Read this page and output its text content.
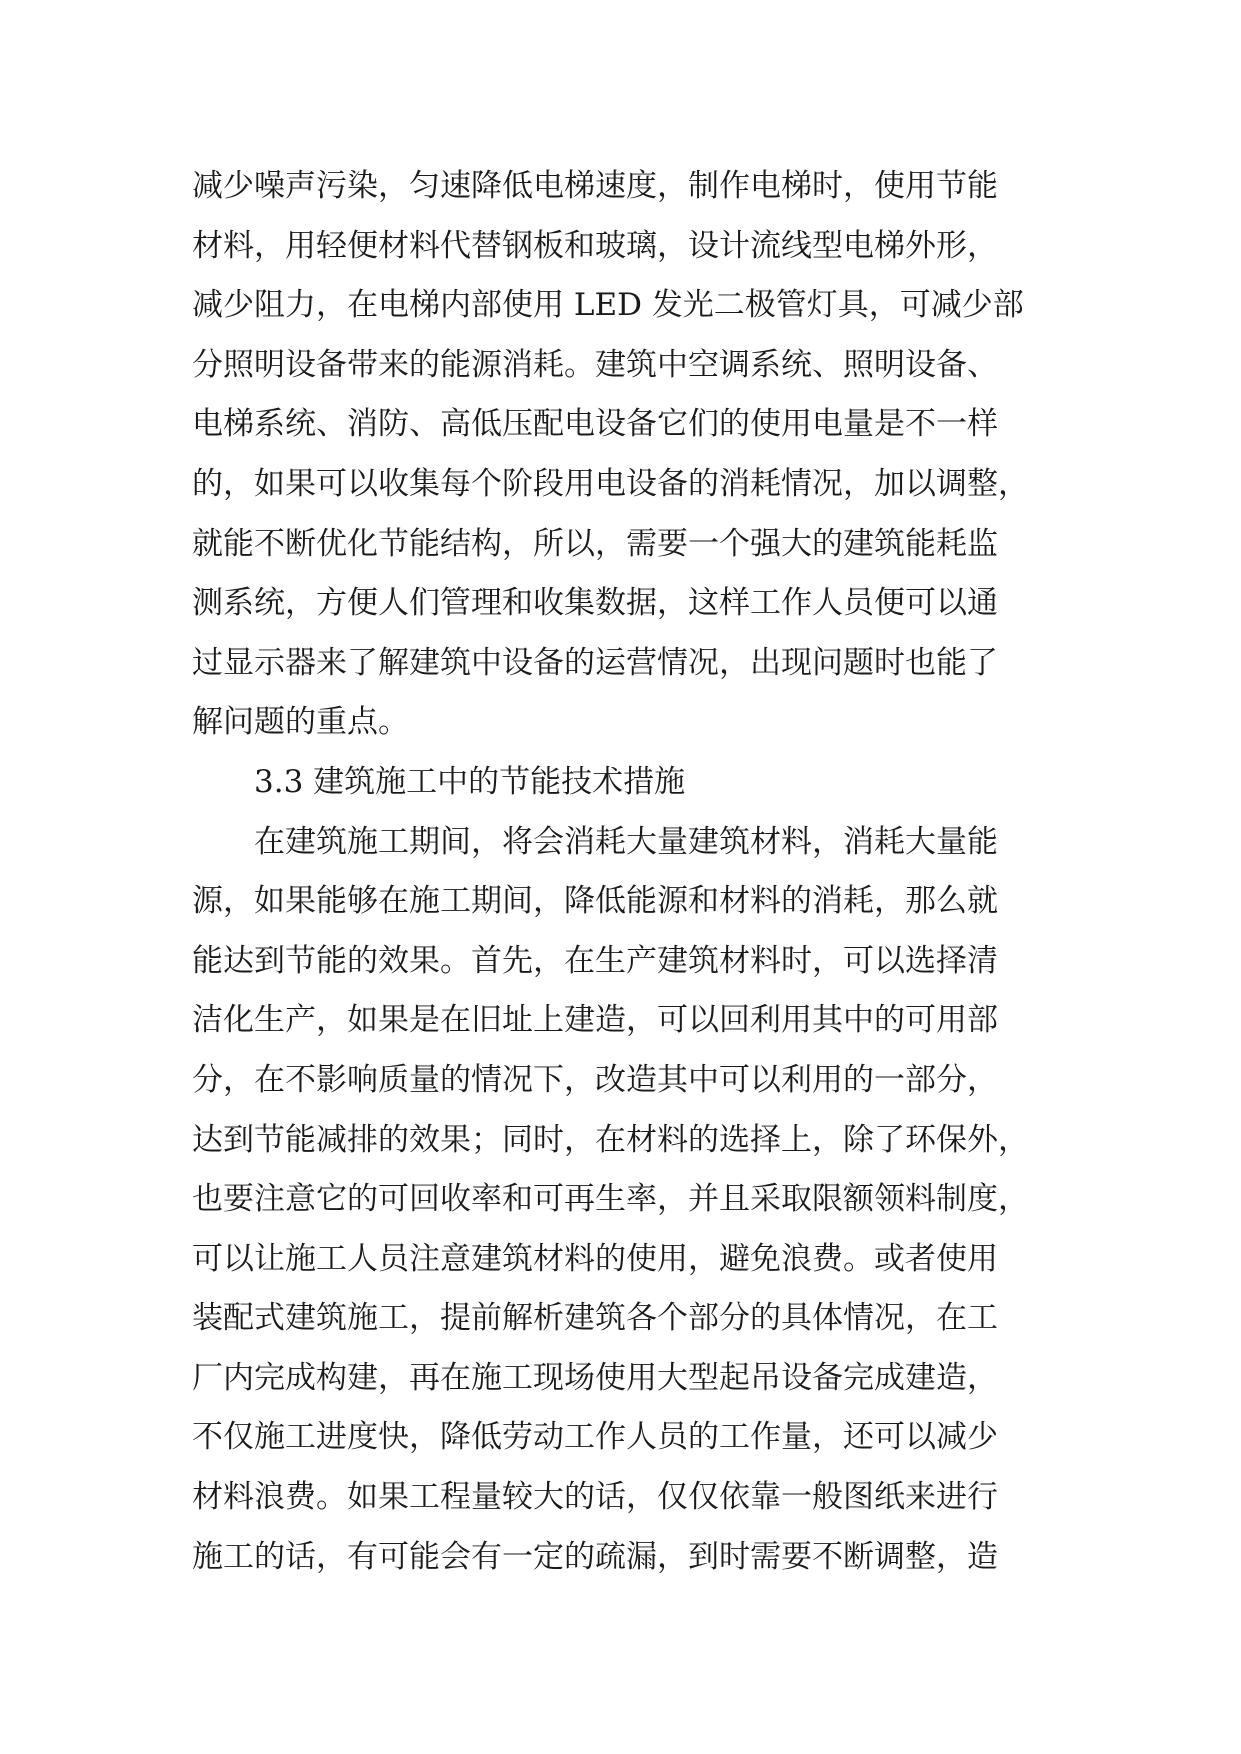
减少噪声污染，匀速降低电梯速度，制作电梯时，使用节能
材料，用轻便材料代替钢板和玻璃，设计流线型电梯外形，
减少阻力，在电梯内部使用 LED 发光二极管灯具，可减少部
分照明设备带来的能源消耗。建筑中空调系统、照明设备、
电梯系统、消防、高低压配电设备它们的使用电量是不一样
的，如果可以收集每个阶段用电设备的消耗情况，加以调整，
就能不断优化节能结构，所以，需要一个强大的建筑能耗监
测系统，方便人们管理和收集数据，这样工作人员便可以通
过显示器来了解建筑中设备的运营情况，出现问题时也能了
解问题的重点。
3.3 建筑施工中的节能技术措施
在建筑施工期间，将会消耗大量建筑材料，消耗大量能
源，如果能够在施工期间，降低能源和材料的消耗，那么就
能达到节能的效果。首先，在生产建筑材料时，可以选择清
洁化生产，如果是在旧址上建造，可以回利用其中的可用部
分，在不影响质量的情况下，改造其中可以利用的一部分，
达到节能减排的效果；同时，在材料的选择上，除了环保外，
也要注意它的可回收率和可再生率，并且采取限额领料制度，
可以让施工人员注意建筑材料的使用，避免浪费。或者使用
装配式建筑施工，提前解析建筑各个部分的具体情况，在工
厂内完成构建，再在施工现场使用大型起吊设备完成建造，
不仅施工进度快，降低劳动工作人员的工作量，还可以减少
材料浪费。如果工程量较大的话，仅仅依靠一般图纸来进行
施工的话，有可能会有一定的疏漏，到时需要不断调整，造
